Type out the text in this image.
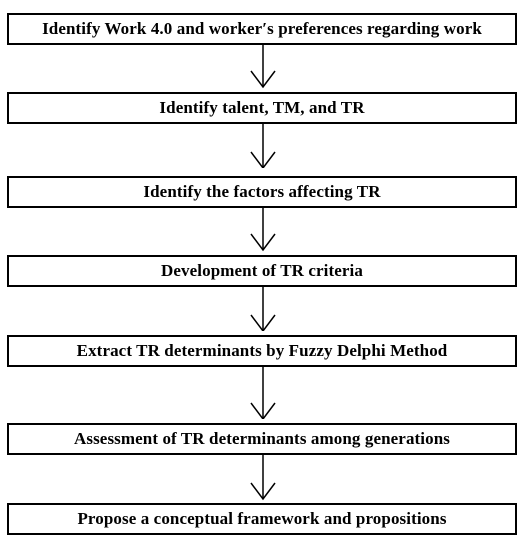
Identify Work 4.0 and worker′s preferences regarding work
Identify talent, TM, and TR
Identify the factors affecting TR
Development of TR criteria
Extract TR determinants by Fuzzy Delphi Method
Assessment of TR determinants among generations
Propose a conceptual framework and propositions
